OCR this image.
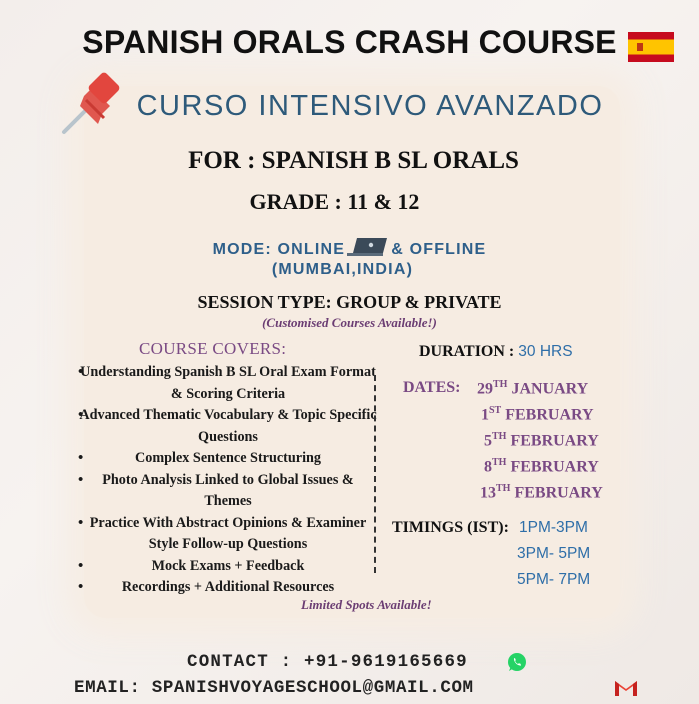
SPANISH ORALS CRASH COURSE
CURSO INTENSIVO AVANZADO
FOR : SPANISH B SL ORALS
GRADE : 11 & 12
MODE: ONLINE	& OFFLINE
(MUMBAI,INDIA)
SESSION TYPE: GROUP & PRIVATE
(Customised Courses Available!)
COURSE COVERS:
• Understanding Spanish B SL Oral Exam Format & Scoring Criteria
• Advanced Thematic Vocabulary & Topic Specific Questions
• Complex Sentence Structuring
• Photo Analysis Linked to Global Issues & Themes
• Practice With Abstract Opinions & Examiner Style Follow-up Questions
• Mock Exams + Feedback
• Recordings + Additional Resources
DURATION : 30 HRS
DATES: 29TH JANUARY
1ST FEBRUARY
5TH FEBRUARY
8TH FEBRUARY
13TH FEBRUARY
TIMINGS (IST): 1PM-3PM
3PM- 5PM
5PM- 7PM
Limited Spots Available!
CONTACT : +91-9619165669
EMAIL: SPANISHVOYAGESCHOOL@GMAIL.COM
